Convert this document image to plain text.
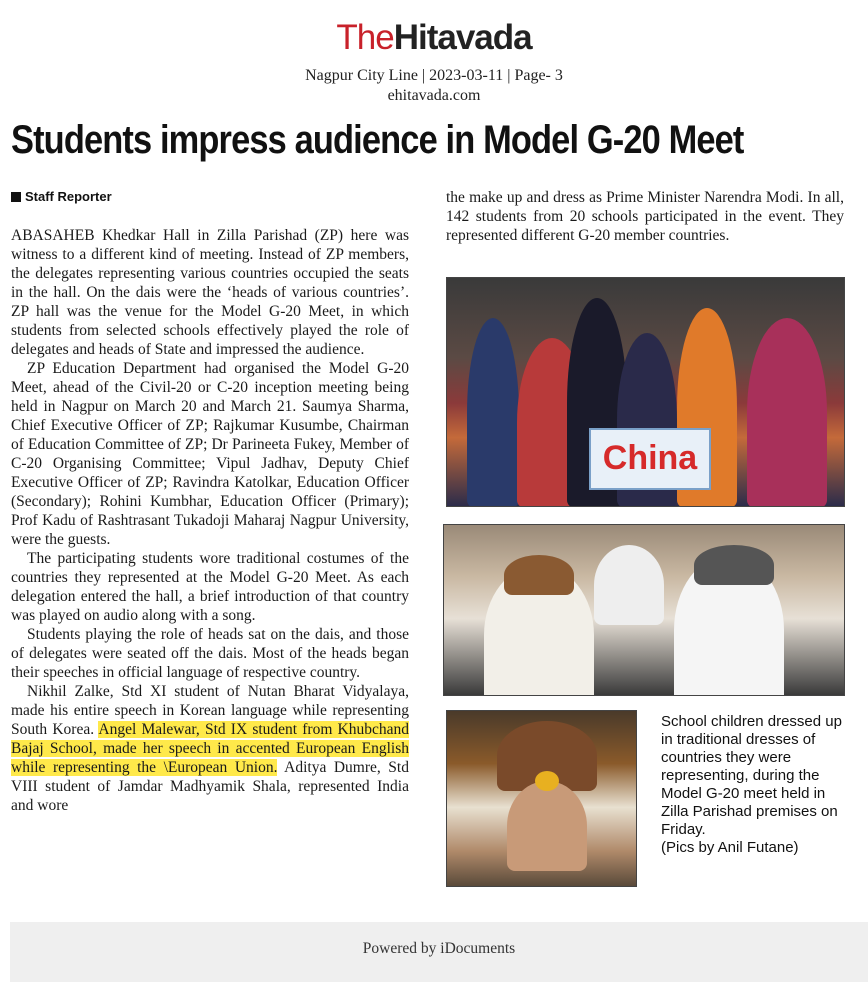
TheHitavada
Nagpur City Line | 2023-03-11 | Page- 3
ehitavada.com
Students impress audience in Model G-20 Meet
Staff Reporter

ABASAHEB Khedkar Hall in Zilla Parishad (ZP) here was witness to a different kind of meeting. Instead of ZP members, the delegates representing various countries occupied the seats in the hall. On the dais were the ‘heads of various countries’. ZP hall was the venue for the Model G-20 Meet, in which students from selected schools effectively played the role of delegates and heads of State and impressed the audience.

ZP Education Department had organised the Model G-20 Meet, ahead of the Civil-20 or C-20 inception meeting being held in Nagpur on March 20 and March 21. Saumya Sharma, Chief Executive Officer of ZP; Rajkumar Kusumbe, Chairman of Education Committee of ZP; Dr Parineeta Fukey, Member of C-20 Organising Committee; Vipul Jadhav, Deputy Chief Executive Officer of ZP; Ravindra Katolkar, Education Officer (Secondary); Rohini Kumbhar, Education Officer (Primary); Prof Kadu of Rashtrasant Tukadoji Maharaj Nagpur University, were the guests.

The participating students wore traditional costumes of the countries they represented at the Model G-20 Meet. As each delegation entered the hall, a brief introduction of that country was played on audio along with a song.

Students playing the role of heads sat on the dais, and those of delegates were seated off the dais. Most of the heads began their speeches in official language of respective country.

Nikhil Zalke, Std XI student of Nutan Bharat Vidyalaya, made his entire speech in Korean language while representing South Korea. Angel Malewar, Std IX student from Khubchand Bajaj School, made her speech in accented European English while representing the \European Union. Aditya Dumre, Std VIII student of Jamdar Madhyamik Shala, represented India and wore

the make up and dress as Prime Minister Narendra Modi. In all, 142 students from 20 schools participated in the event. They represented different G-20 member countries.

China
School children dressed up in traditional dresses of countries they were representing, during the Model G-20 meet held in Zilla Parishad premises on Friday.
(Pics by Anil Futane)
Powered by iDocuments
